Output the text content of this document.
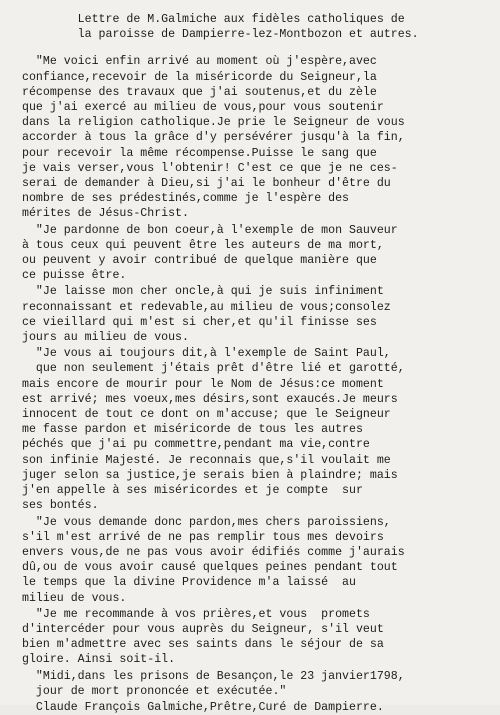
Lettre de M.Galmiche aux fidèles catholiques de
la paroisse de Dampierre-lez-Montbozon et autres.
"Me voici enfin arrivé au moment où j'espère,avec
confiance,recevoir de la miséricorde du Seigneur,la
récompense des travaux que j'ai soutenus,et du zèle
que j'ai exercé au milieu de vous,pour vous soutenir
dans la religion catholique.Je prie le Seigneur de vous
accorder à tous la grâce d'y persévérer jusqu'à la fin,
pour recevoir la même récompense.Puisse le sang que
je vais verser,vous l'obtenir! C'est ce que je ne ces-
serai de demander à Dieu,si j'ai le bonheur d'être du
nombre de ses prédestinés,comme je l'espère des
mérites de Jésus-Christ.
"Je pardonne de bon coeur,à l'exemple de mon Sauveur
à tous ceux qui peuvent être les auteurs de ma mort,
ou peuvent y avoir contribué de quelque manière que
ce puisse être.
"Je laisse mon cher oncle,à qui je suis infiniment
reconnaissant et redevable,au milieu de vous;consolez
ce vieillard qui m'est si cher,et qu'il finisse ses
jours au milieu de vous.
"Je vous ai toujours dit,à l'exemple de Saint Paul,
que non seulement j'étais prêt d'être lié et garotté,
mais encore de mourir pour le Nom de Jésus:ce moment
est arrivé; mes voeux,mes désirs,sont exaucés.Je meurs
innocent de tout ce dont on m'accuse; que le Seigneur
me fasse pardon et miséricorde de tous les autres
péchés que j'ai pu commettre,pendant ma vie,contre
son infinie Majesté. Je reconnais que,s'il voulait me
juger selon sa justice,je serais bien à plaindre; mais
j'en appelle à ses miséricordes et je compte  sur
ses bontés.
"Je vous demande donc pardon,mes chers paroissiens,
s'il m'est arrivé de ne pas remplir tous mes devoirs
envers vous,de ne pas vous avoir édifiés comme j'aurais
dû,ou de vous avoir causé quelques peines pendant tout
le temps que la divine Providence m'a laissé  au
milieu de vous.
"Je me recommande à vos prières,et vous  promets
d'intercéder pour vous auprès du Seigneur, s'il veut
bien m'admettre avec ses saints dans le séjour de sa
gloire. Ainsi soit-il.
"Midi,dans les prisons de Besançon,le 23 janvier1798,
jour de mort prononcée et exécutée."
Claude François Galmiche,Prêtre,Curé de Dampierre.
